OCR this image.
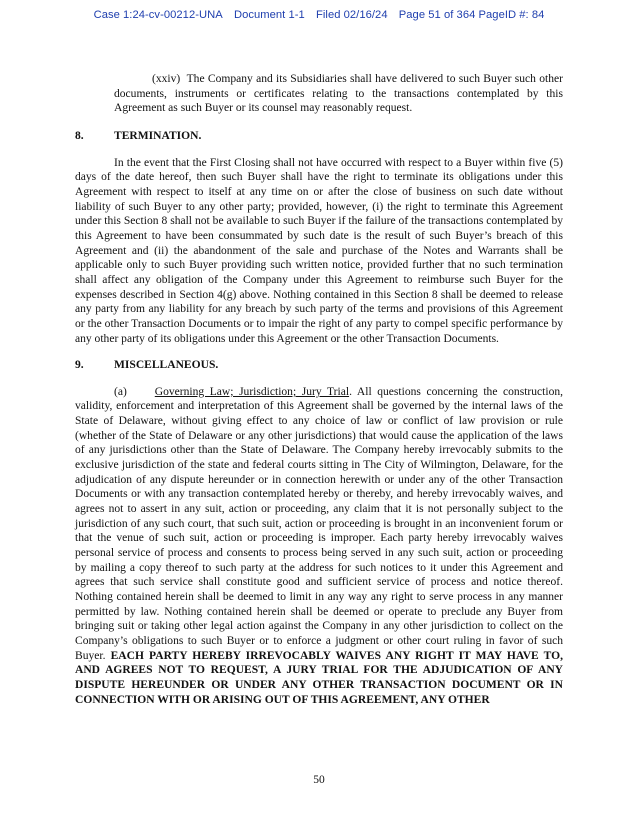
Case 1:24-cv-00212-UNA Document 1-1 Filed 02/16/24 Page 51 of 364 PageID #: 84

(xxiv)  The Company and its Subsidiaries shall have delivered to such Buyer such other documents, instruments or certificates relating to the transactions contemplated by this Agreement as such Buyer or its counsel may reasonably request.

8.	TERMINATION.

In the event that the First Closing shall not have occurred with respect to a Buyer within five (5) days of the date hereof, then such Buyer shall have the right to terminate its obligations under this Agreement with respect to itself at any time on or after the close of business on such date without liability of such Buyer to any other party; provided, however, (i) the right to terminate this Agreement under this Section 8 shall not be available to such Buyer if the failure of the transactions contemplated by this Agreement to have been consummated by such date is the result of such Buyer’s breach of this Agreement and (ii) the abandonment of the sale and purchase of the Notes and Warrants shall be applicable only to such Buyer providing such written notice, provided further that no such termination shall affect any obligation of the Company under this Agreement to reimburse such Buyer for the expenses described in Section 4(g) above. Nothing contained in this Section 8 shall be deemed to release any party from any liability for any breach by such party of the terms and provisions of this Agreement or the other Transaction Documents or to impair the right of any party to compel specific performance by any other party of its obligations under this Agreement or the other Transaction Documents.

9.	MISCELLANEOUS.

(a) Governing Law; Jurisdiction; Jury Trial. All questions concerning the construction, validity, enforcement and interpretation of this Agreement shall be governed by the internal laws of the State of Delaware, without giving effect to any choice of law or conflict of law provision or rule (whether of the State of Delaware or any other jurisdictions) that would cause the application of the laws of any jurisdictions other than the State of Delaware. The Company hereby irrevocably submits to the exclusive jurisdiction of the state and federal courts sitting in The City of Wilmington, Delaware, for the adjudication of any dispute hereunder or in connection herewith or under any of the other Transaction Documents or with any transaction contemplated hereby or thereby, and hereby irrevocably waives, and agrees not to assert in any suit, action or proceeding, any claim that it is not personally subject to the jurisdiction of any such court, that such suit, action or proceeding is brought in an inconvenient forum or that the venue of such suit, action or proceeding is improper. Each party hereby irrevocably waives personal service of process and consents to process being served in any such suit, action or proceeding by mailing a copy thereof to such party at the address for such notices to it under this Agreement and agrees that such service shall constitute good and sufficient service of process and notice thereof. Nothing contained herein shall be deemed to limit in any way any right to serve process in any manner permitted by law. Nothing contained herein shall be deemed or operate to preclude any Buyer from bringing suit or taking other legal action against the Company in any other jurisdiction to collect on the Company’s obligations to such Buyer or to enforce a judgment or other court ruling in favor of such Buyer. EACH PARTY HEREBY IRREVOCABLY WAIVES ANY RIGHT IT MAY HAVE TO, AND AGREES NOT TO REQUEST, A JURY TRIAL FOR THE ADJUDICATION OF ANY DISPUTE HEREUNDER OR UNDER ANY OTHER TRANSACTION DOCUMENT OR IN CONNECTION WITH OR ARISING OUT OF THIS AGREEMENT, ANY OTHER

50
